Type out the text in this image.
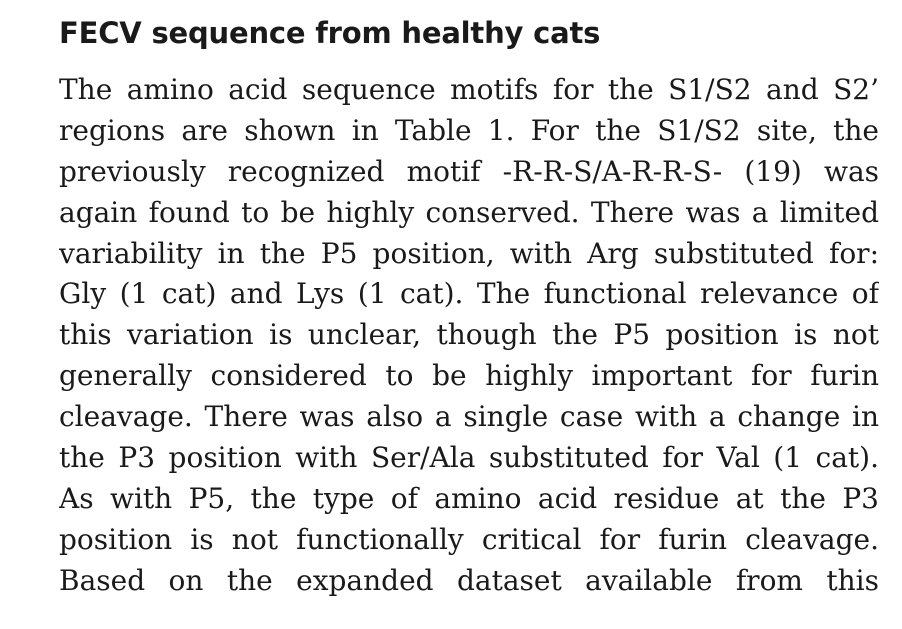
FECV sequence from healthy cats
The amino acid sequence motifs for the S1/S2 and S2’
regions are shown in Table 1. For the S1/S2 site, the
previously recognized motif -R-R-S/A-R-R-S- (19) was
again found to be highly conserved. There was a limited
variability in the P5 position, with Arg substituted for:
Gly (1 cat) and Lys (1 cat). The functional relevance of
this variation is unclear, though the P5 position is not
generally considered to be highly important for furin
cleavage. There was also a single case with a change in
the P3 position with Ser/Ala substituted for Val (1 cat).
As with P5, the type of amino acid residue at the P3
position is not functionally critical for furin cleavage.
Based on the expanded dataset available from this
